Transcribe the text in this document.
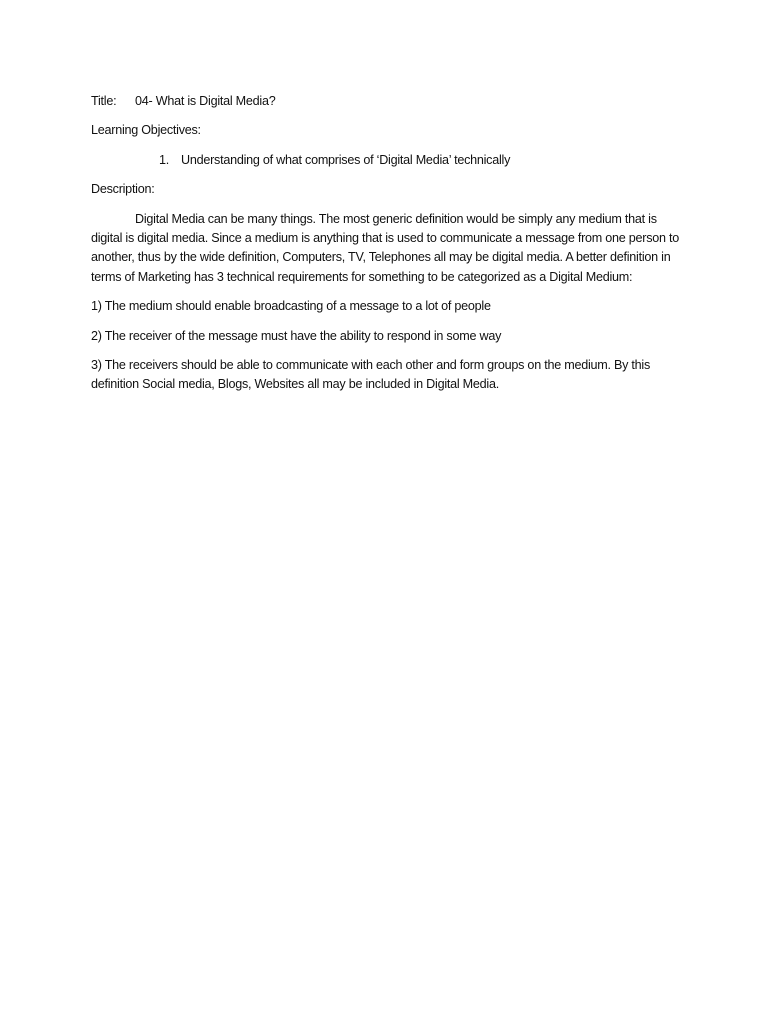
Title:	04- What is Digital Media?
Learning Objectives:
1. Understanding of what comprises of ‘Digital Media’ technically
Description:

Digital Media can be many things. The most generic definition would be simply any medium that is digital is digital media. Since a medium is anything that is used to communicate a message from one person to another, thus by the wide definition, Computers, TV, Telephones all may be digital media. A better definition in terms of Marketing has 3 technical requirements for something to be categorized as a Digital Medium:

1) The medium should enable broadcasting of a message to a lot of people

2) The receiver of the message must have the ability to respond in some way

3) The receivers should be able to communicate with each other and form groups on the medium. By this definition Social media, Blogs, Websites all may be included in Digital Media.
